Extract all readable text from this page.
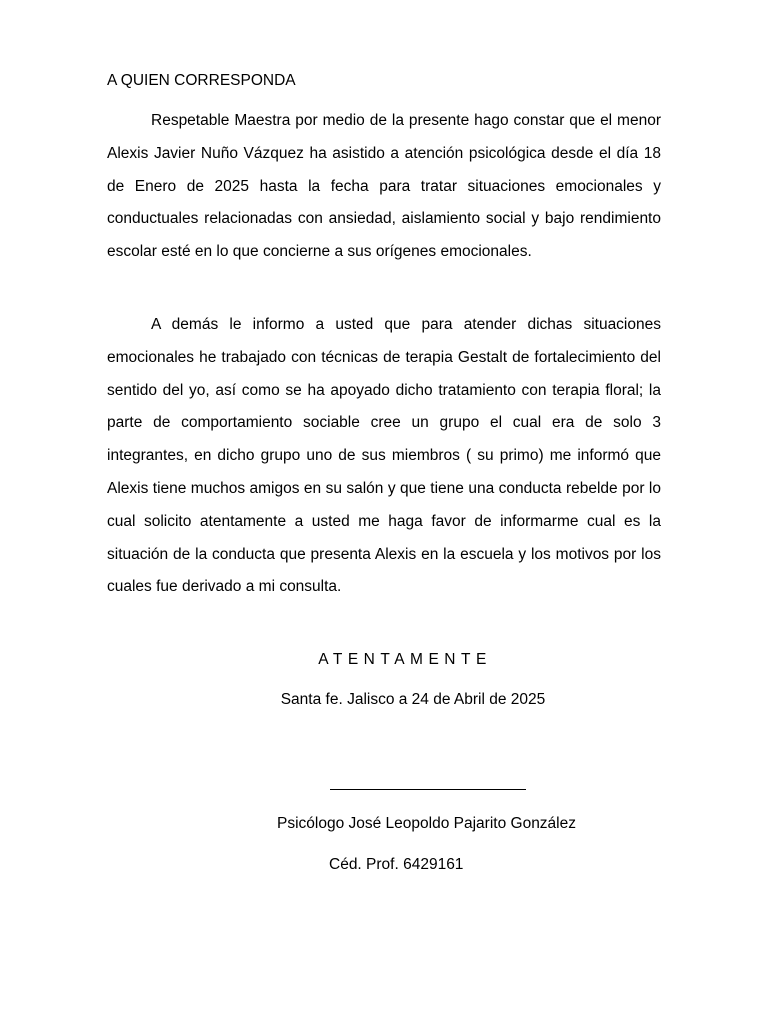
A QUIEN CORRESPONDA

Respetable Maestra por medio de la presente hago constar que el menor Alexis Javier Nuño Vázquez ha asistido a atención psicológica desde el día 18 de Enero de 2025 hasta la fecha para tratar situaciones emocionales y conductuales relacionadas con ansiedad, aislamiento social y bajo rendimiento escolar esté en lo que concierne a sus orígenes emocionales.

A demás le informo a usted que para atender dichas situaciones emocionales he trabajado con técnicas de terapia Gestalt de fortalecimiento del sentido del yo, así como se ha apoyado dicho tratamiento con terapia floral; la parte de comportamiento sociable cree un grupo el cual era de solo 3 integrantes, en dicho grupo uno de sus miembros ( su primo) me informó que Alexis tiene muchos amigos en su salón y que tiene una conducta rebelde por lo cual solicito atentamente a usted me haga favor de informarme cual es la situación de la conducta que presenta Alexis en la escuela y los motivos por los cuales fue derivado a mi consulta.

ATENTAMENTE

Santa fe. Jalisco a 24 de Abril de 2025

Psicólogo José Leopoldo Pajarito González

Céd. Prof. 6429161
